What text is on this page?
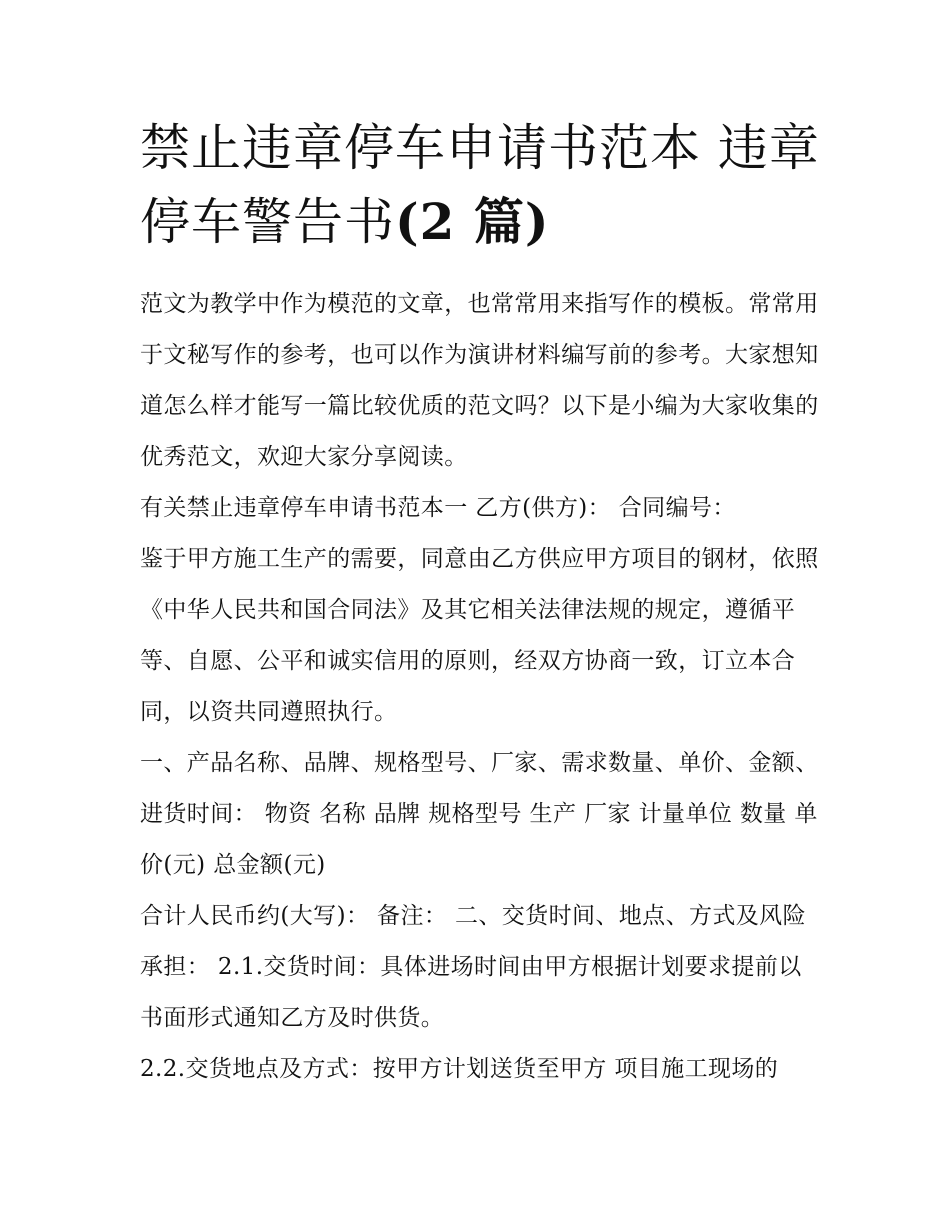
禁止违章停车申请书范本 违章
停车警告书(2 篇)

范文为教学中作为模范的文章，也常常用来指写作的模板。常常用于文秘写作的参考，也可以作为演讲材料编写前的参考。大家想知道怎么样才能写一篇比较优质的范文吗？以下是小编为大家收集的优秀范文，欢迎大家分享阅读。

有关禁止违章停车申请书范本一 乙方(供方)： 合同编号：

鉴于甲方施工生产的需要，同意由乙方供应甲方项目的钢材，依照《中华人民共和国合同法》及其它相关法律法规的规定，遵循平等、自愿、公平和诚实信用的原则，经双方协商一致，订立本合同，以资共同遵照执行。

一、产品名称、品牌、规格型号、厂家、需求数量、单价、金额、进货时间： 物资 名称 品牌 规格型号 生产 厂家 计量单位 数量 单价(元) 总金额(元)

合计人民币约(大写)： 备注： 二、交货时间、地点、方式及风险承担： 2.1.交货时间：具体进场时间由甲方根据计划要求提前以书面形式通知乙方及时供货。

2.2.交货地点及方式：按甲方计划送货至甲方 项目施工现场的
